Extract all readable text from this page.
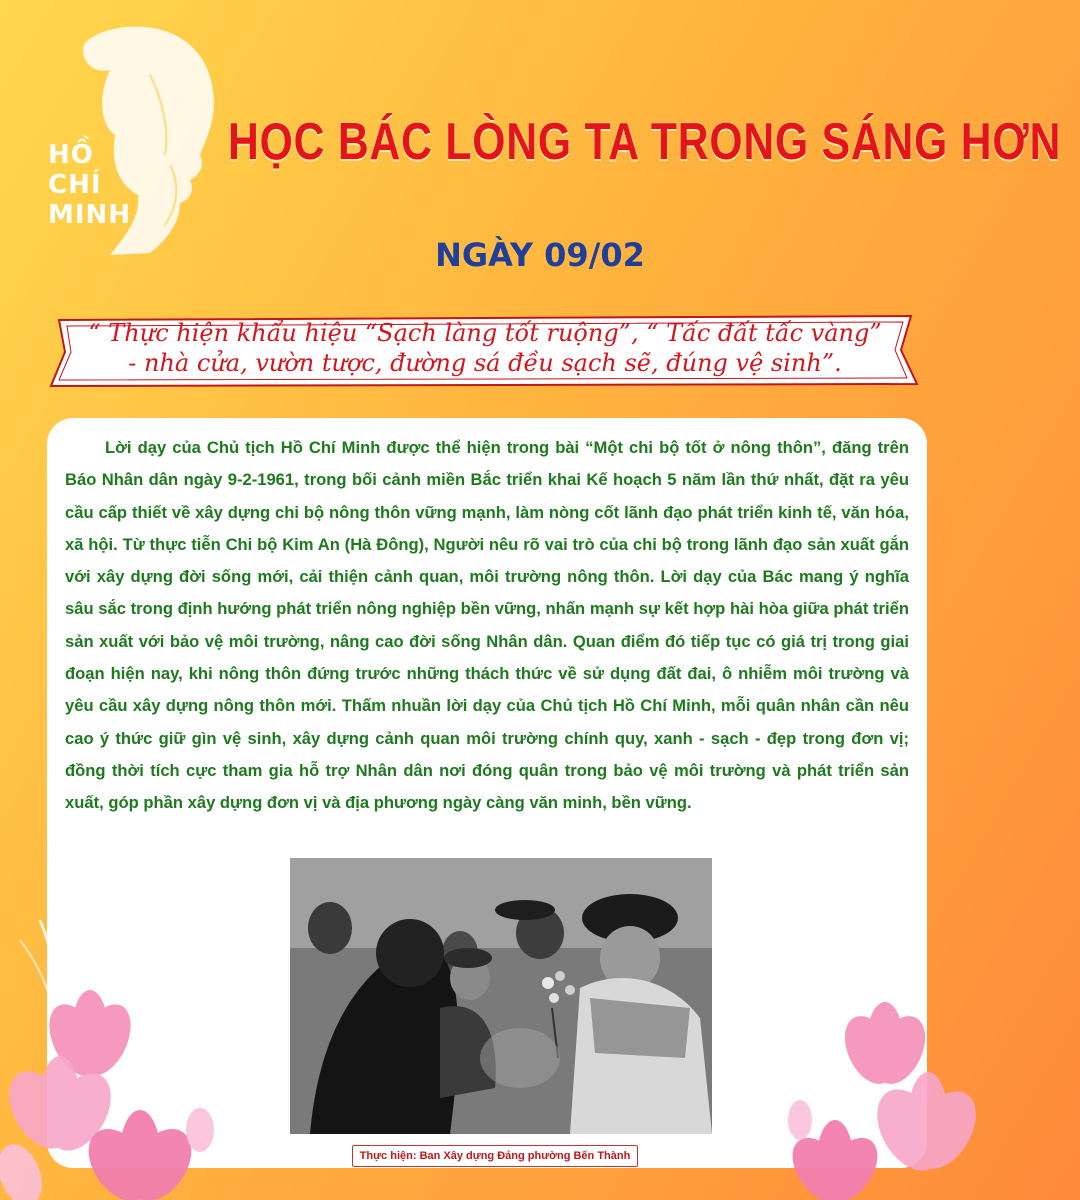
HỒ
CHÍ
MINH
HỌC BÁC LÒNG TA TRONG SÁNG HƠN
NGÀY 09/02
“ Thực hiện khẩu hiệu “Sạch làng tốt ruộng”, “ Tấc đất tấc vàng”
- nhà cửa, vườn tược, đường sá đều sạch sẽ, đúng vệ sinh”.
Lời dạy của Chủ tịch Hồ Chí Minh được thể hiện trong bài “Một chi bộ tốt ở nông thôn”, đăng trên Báo Nhân dân ngày 9-2-1961, trong bối cảnh miền Bắc triển khai Kế hoạch 5 năm lần thứ nhất, đặt ra yêu cầu cấp thiết về xây dựng chi bộ nông thôn vững mạnh, làm nòng cốt lãnh đạo phát triển kinh tế, văn hóa, xã hội. Từ thực tiễn Chi bộ Kim An (Hà Đông), Người nêu rõ vai trò của chi bộ trong lãnh đạo sản xuất gắn với xây dựng đời sống mới, cải thiện cảnh quan, môi trường nông thôn. Lời dạy của Bác mang ý nghĩa sâu sắc trong định hướng phát triển nông nghiệp bền vững, nhấn mạnh sự kết hợp hài hòa giữa phát triển sản xuất với bảo vệ môi trường, nâng cao đời sống Nhân dân. Quan điểm đó tiếp tục có giá trị trong giai đoạn hiện nay, khi nông thôn đứng trước những thách thức về sử dụng đất đai, ô nhiễm môi trường và yêu cầu xây dựng nông thôn mới. Thấm nhuần lời dạy của Chủ tịch Hồ Chí Minh, mỗi quân nhân cần nêu cao ý thức giữ gìn vệ sinh, xây dựng cảnh quan môi trường chính quy, xanh - sạch - đẹp trong đơn vị; đồng thời tích cực tham gia hỗ trợ Nhân dân nơi đóng quân trong bảo vệ môi trường và phát triển sản xuất, góp phần xây dựng đơn vị và địa phương ngày càng văn minh, bền vững.
Thực hiện: Ban Xây dựng Đảng phường Bến Thành
